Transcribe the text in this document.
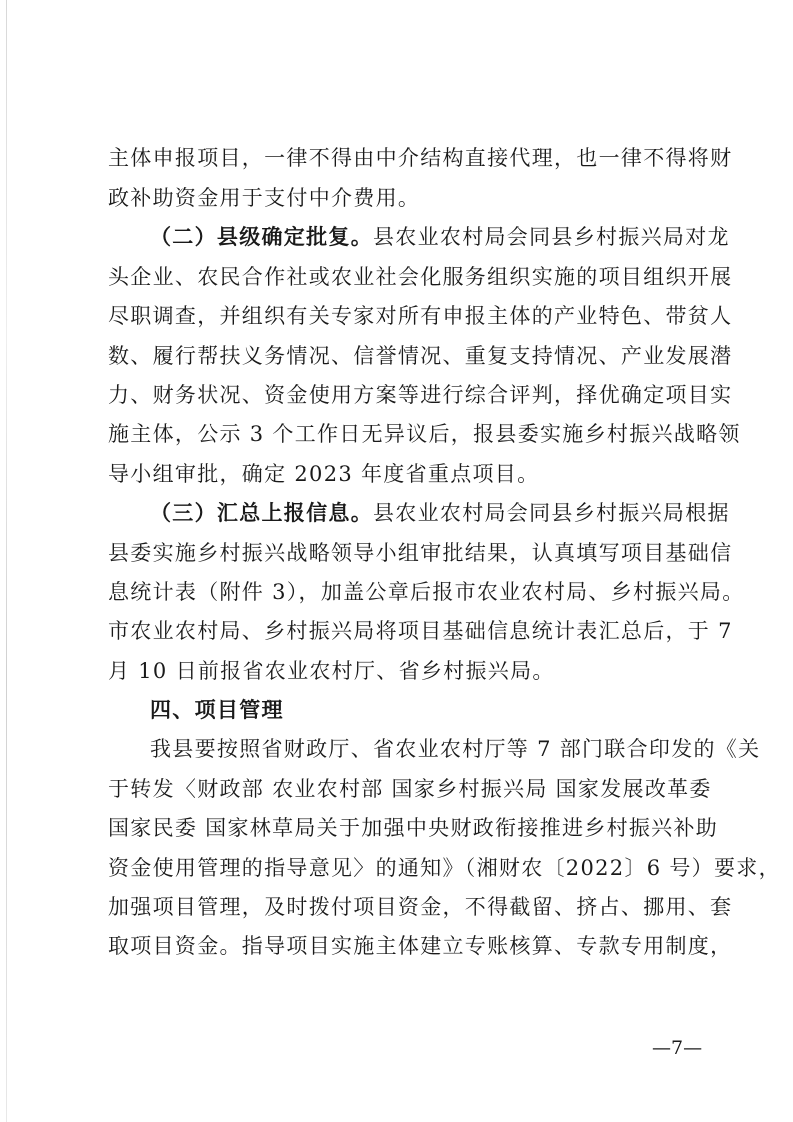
主体申报项目，一律不得由中介结构直接代理，也一律不得将财
政补助资金用于支付中介费用。
（二）县级确定批复。县农业农村局会同县乡村振兴局对龙
头企业、农民合作社或农业社会化服务组织实施的项目组织开展
尽职调查，并组织有关专家对所有申报主体的产业特色、带贫人
数、履行帮扶义务情况、信誉情况、重复支持情况、产业发展潜
力、财务状况、资金使用方案等进行综合评判，择优确定项目实
施主体，公示 3 个工作日无异议后，报县委实施乡村振兴战略领
导小组审批，确定 2023 年度省重点项目。
（三）汇总上报信息。县农业农村局会同县乡村振兴局根据
县委实施乡村振兴战略领导小组审批结果，认真填写项目基础信
息统计表（附件 3），加盖公章后报市农业农村局、乡村振兴局。
市农业农村局、乡村振兴局将项目基础信息统计表汇总后，于 7
月 10 日前报省农业农村厅、省乡村振兴局。
四、项目管理
我县要按照省财政厅、省农业农村厅等 7 部门联合印发的《关
于转发〈财政部 农业农村部 国家乡村振兴局 国家发展改革委
国家民委 国家林草局关于加强中央财政衔接推进乡村振兴补助
资金使用管理的指导意见〉的通知》（湘财农〔2022〕6 号）要求，
加强项目管理，及时拨付项目资金，不得截留、挤占、挪用、套
取项目资金。指导项目实施主体建立专账核算、专款专用制度，
—7—
